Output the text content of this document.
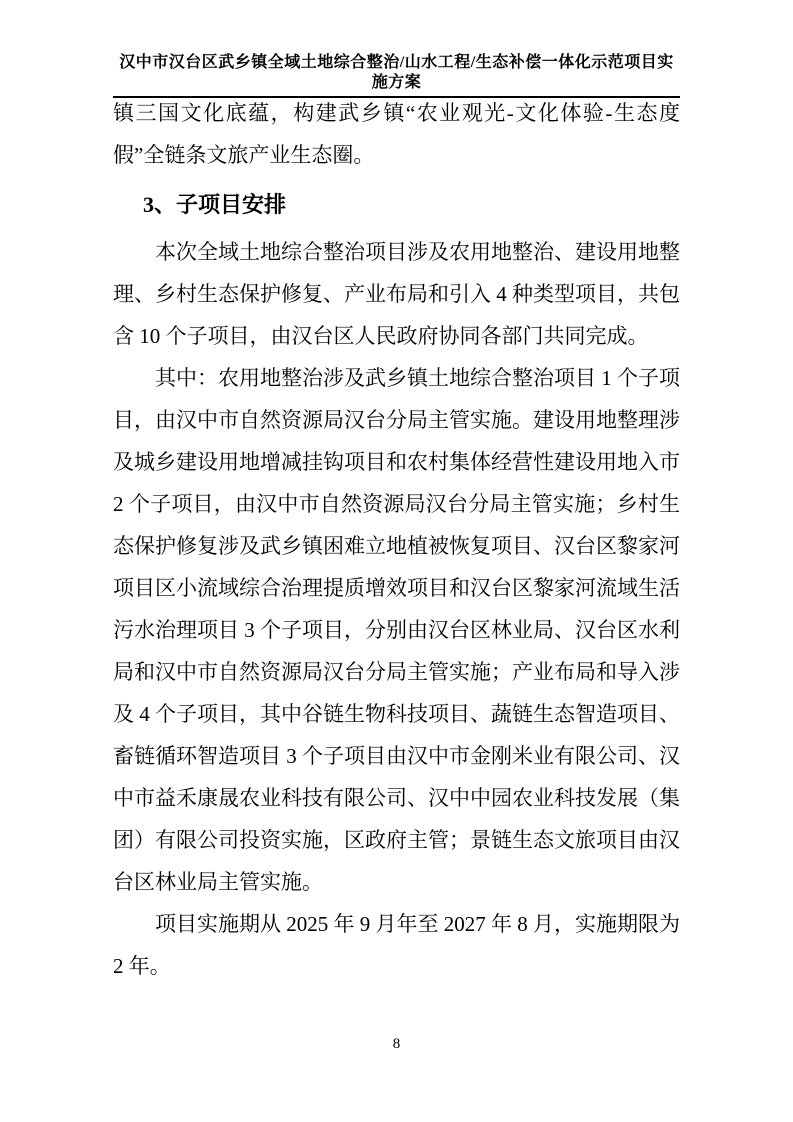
汉中市汉台区武乡镇全域土地综合整治/山水工程/生态补偿一体化示范项目实施方案

镇三国文化底蕴，构建武乡镇“农业观光-文化体验-生态度假”全链条文旅产业生态圈。

3、子项目安排

本次全域土地综合整治项目涉及农用地整治、建设用地整理、乡村生态保护修复、产业布局和引入 4 种类型项目，共包含 10 个子项目，由汉台区人民政府协同各部门共同完成。

其中：农用地整治涉及武乡镇土地综合整治项目 1 个子项目，由汉中市自然资源局汉台分局主管实施。建设用地整理涉及城乡建设用地增减挂钩项目和农村集体经营性建设用地入市 2 个子项目，由汉中市自然资源局汉台分局主管实施；乡村生态保护修复涉及武乡镇困难立地植被恢复项目、汉台区黎家河项目区小流域综合治理提质增效项目和汉台区黎家河流域生活污水治理项目 3 个子项目，分别由汉台区林业局、汉台区水利局和汉中市自然资源局汉台分局主管实施；产业布局和导入涉及 4 个子项目，其中谷链生物科技项目、蔬链生态智造项目、畜链循环智造项目 3 个子项目由汉中市金刚米业有限公司、汉中市益禾康晟农业科技有限公司、汉中中园农业科技发展（集团）有限公司投资实施，区政府主管；景链生态文旅项目由汉台区林业局主管实施。

项目实施期从 2025 年 9 月年至 2027 年 8 月，实施期限为 2 年。

8
